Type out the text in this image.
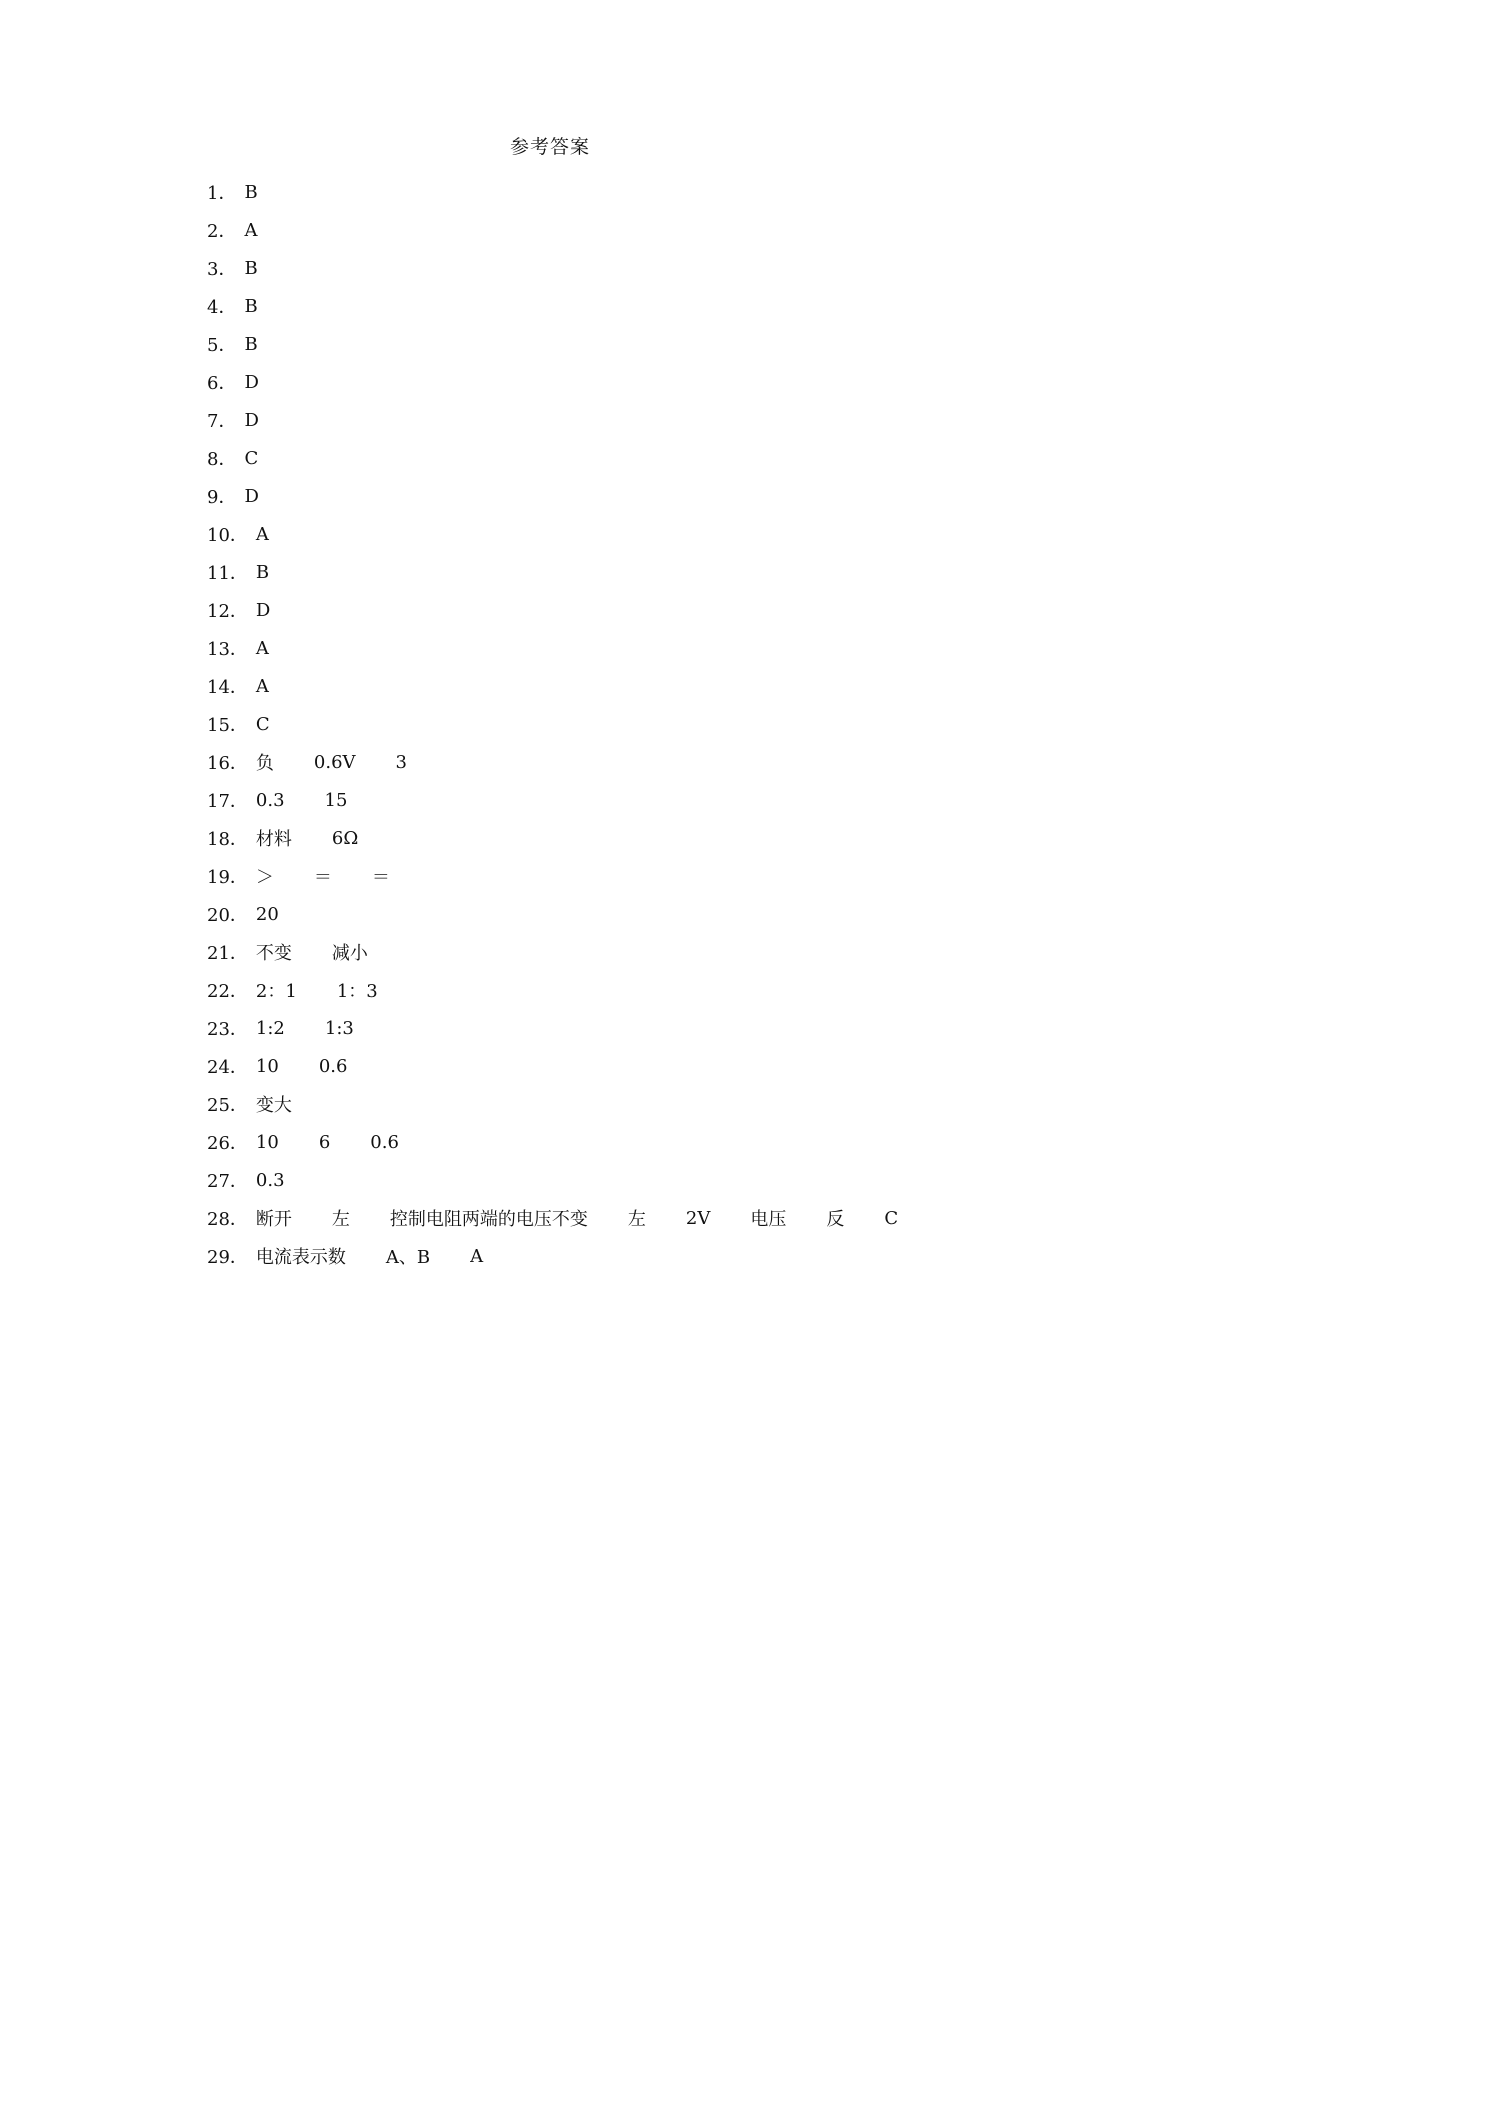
参考答案
1． B
2． A
3． B
4． B
5． B
6． D
7． D
8． C
9． D
10． A
11． B
12． D
13． A
14． A
15． C
16． 负 0.6V 3
17． 0.3 15
18． 材料 6Ω
19． ＞ ＝ ＝
20． 20
21． 不变 减小
22． 2：1 1：3
23． 1:2 1:3
24． 10 0.6
25． 变大
26． 10 6 0.6
27． 0.3
28． 断开 左 控制电阻两端的电压不变 左 2V 电压 反 C
29． 电流表示数 A、B A
